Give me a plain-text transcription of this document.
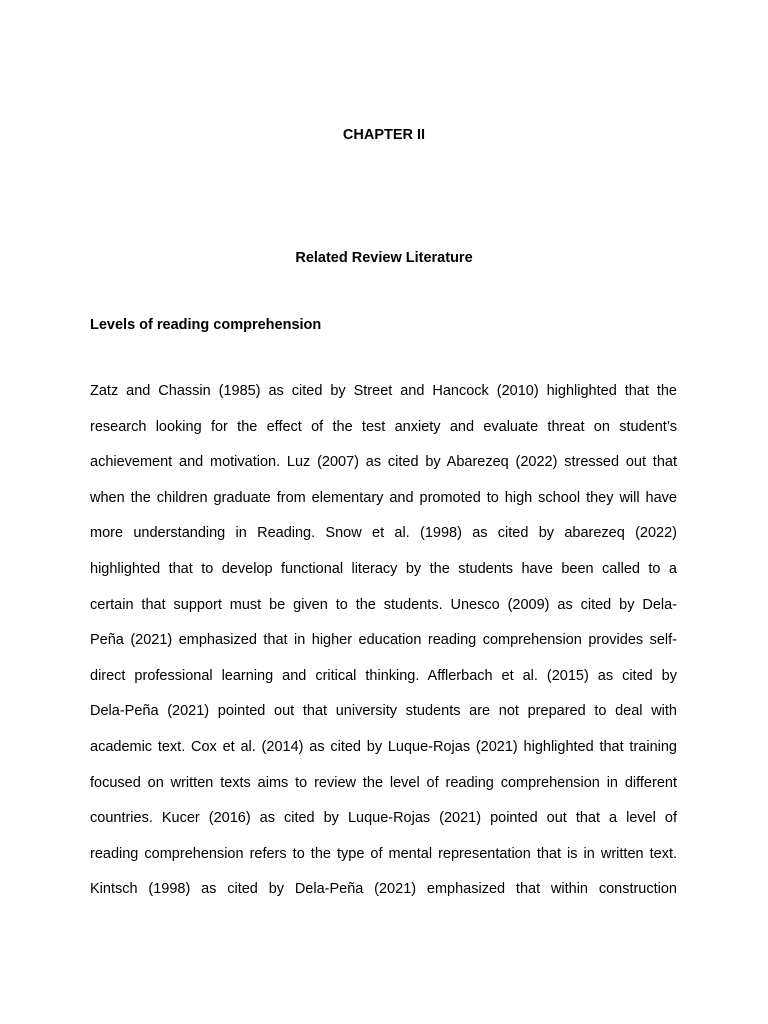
CHAPTER II
Related Review Literature
Levels of reading comprehension
Zatz and Chassin (1985) as cited by Street and Hancock (2010) highlighted that the
research looking for the effect of the test anxiety and evaluate threat on student’s
achievement and motivation. Luz (2007) as cited by Abarezeq (2022) stressed out that
when the children graduate from elementary and promoted to high school they will have
more understanding in Reading. Snow et al. (1998) as cited by abarezeq (2022)
highlighted that to develop functional literacy by the students have been called to a
certain that support must be given to the students. Unesco (2009) as cited by Dela-
Peña (2021) emphasized that in higher education reading comprehension provides self-
direct professional learning and critical thinking. Afflerbach et al. (2015) as cited by
Dela-Peña (2021) pointed out that university students are not prepared to deal with
academic text. Cox et al. (2014) as cited by Luque-Rojas (2021) highlighted that training
focused on written texts aims to review the level of reading comprehension in different
countries. Kucer (2016) as cited by Luque-Rojas (2021) pointed out that a level of
reading comprehension refers to the type of mental representation that is in written text.
Kintsch (1998) as cited by Dela-Peña (2021) emphasized that within construction
